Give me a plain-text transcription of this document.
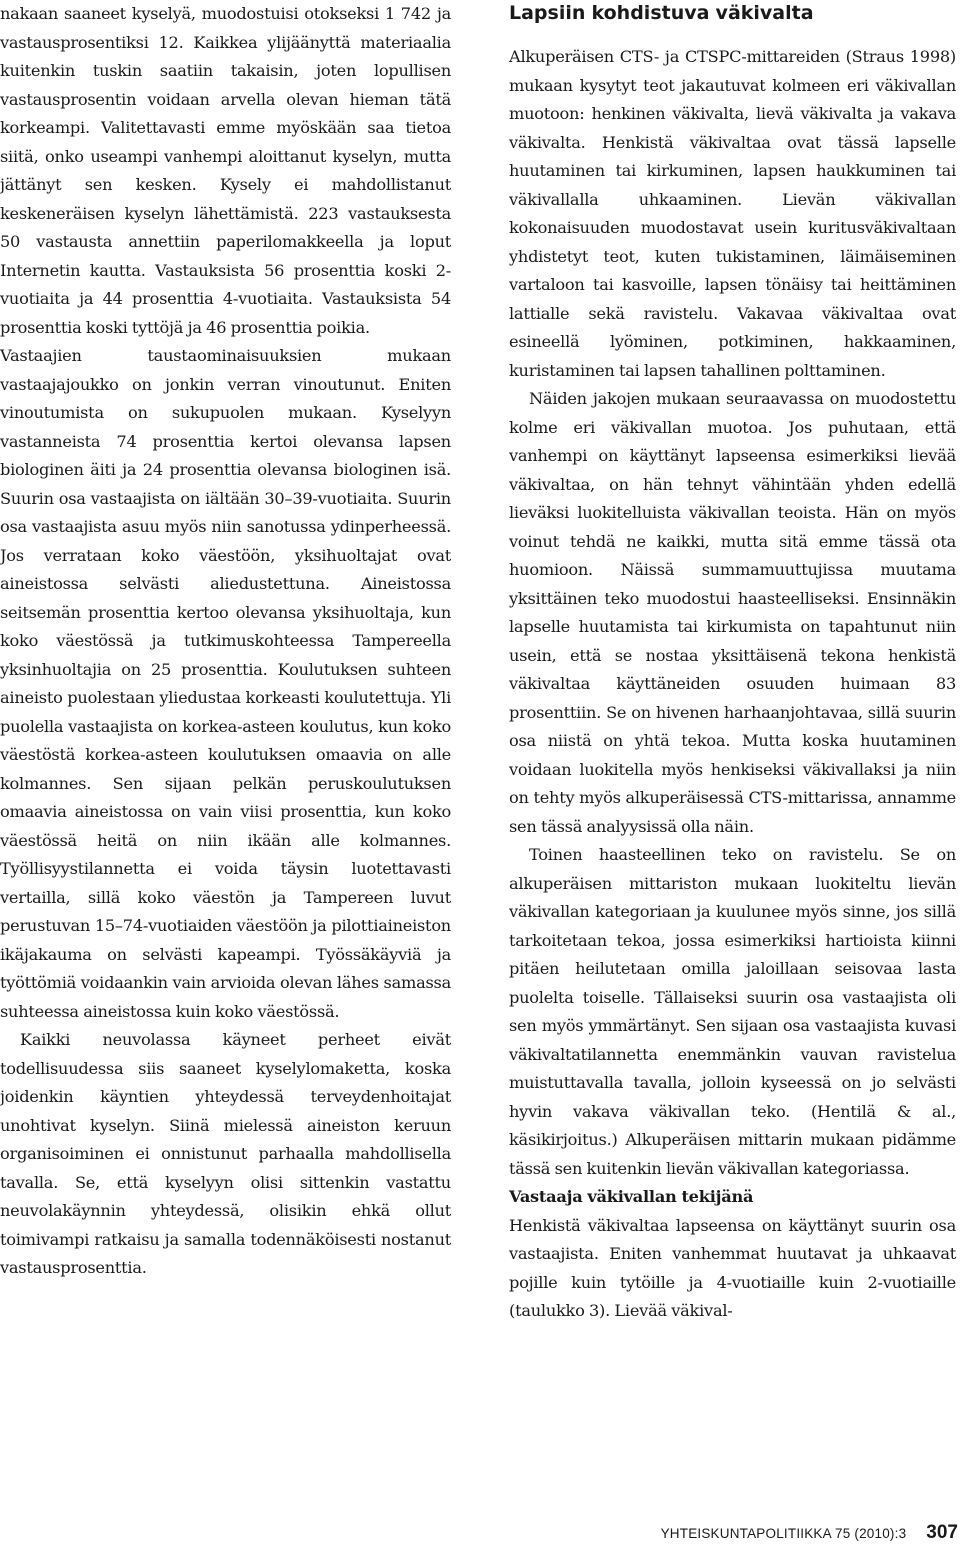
nakaan saaneet kyselyä, muodostuisi otokseksi 1 742 ja vastausprosentiksi 12. Kaikkea ylijäänyttä materiaalia kuitenkin tuskin saatiin takaisin, joten lopullisen vastausprosentin voidaan arvella olevan hieman tätä korkeampi. Valitettavasti emme myöskään saa tietoa siitä, onko useampi vanhempi aloittanut kyselyn, mutta jättänyt sen kesken. Kysely ei mahdollistanut keskeneräisen kyselyn lähettämistä. 223 vastauksesta 50 vastausta annettiin paperilomakkeella ja loput Internetin kautta. Vastauksista 56 prosenttia koski 2-vuotiaita ja 44 prosenttia 4-vuotiaita. Vastauksista 54 prosenttia koski tyttöjä ja 46 prosenttia poikia.

Vastaajien taustaominaisuuksien mukaan vastaajajoukko on jonkin verran vinoutunut. Eniten vinoutumista on sukupuolen mukaan. Kyselyyn vastanneista 74 prosenttia kertoi olevansa lapsen biologinen äiti ja 24 prosenttia olevansa biologinen isä. Suurin osa vastaajista on iältään 30–39-vuotiaita. Suurin osa vastaajista asuu myös niin sanotussa ydinperheessä. Jos verrataan koko väestöön, yksihuoltajat ovat aineistossa selvästi aliedustettuna. Aineistossa seitsemän prosenttia kertoo olevansa yksihuoltaja, kun koko väestössä ja tutkimuskohteessa Tampereella yksinhuoltajia on 25 prosenttia. Koulutuksen suhteen aineisto puolestaan yliedustaa korkeasti koulutettuja. Yli puolella vastaajista on korkea-asteen koulutus, kun koko väestöstä korkea-asteen koulutuksen omaavia on alle kolmannes. Sen sijaan pelkän peruskoulutuksen omaavia aineistossa on vain viisi prosenttia, kun koko väestössä heitä on niin ikään alle kolmannes. Työllisyystilannetta ei voida täysin luotettavasti vertailla, sillä koko väestön ja Tampereen luvut perustuvan 15–74-vuotiaiden väestöön ja pilottiaineiston ikäjakauma on selvästi kapeampi. Työssäkäyviä ja työttömiä voidaankin vain arvioida olevan lähes samassa suhteessa aineistossa kuin koko väestössä.

Kaikki neuvolassa käyneet perheet eivät todellisuudessa siis saaneet kyselylomaketta, koska joidenkin käyntien yhteydessä terveydenhoitajat unohtivat kyselyn. Siinä mielessä aineiston keruun organisoiminen ei onnistunut parhaalla mahdollisella tavalla. Se, että kyselyyn olisi sittenkin vastattu neuvolakäynnin yhteydessä, olisikin ehkä ollut toimivampi ratkaisu ja samalla todennäköisesti nostanut vastausprosenttia.

Lapsiin kohdistuva väkivalta

Alkuperäisen CTS- ja CTSPC-mittareiden (Straus 1998) mukaan kysytyt teot jakautuvat kolmeen eri väkivallan muotoon: henkinen väkivalta, lievä väkivalta ja vakava väkivalta. Henkistä väkivaltaa ovat tässä lapselle huutaminen tai kirkuminen, lapsen haukkuminen tai väkivallalla uhkaaminen. Lievän väkivallan kokonaisuuden muodostavat usein kuritusväkivaltaan yhdistetyt teot, kuten tukistaminen, läimäiseminen vartaloon tai kasvoille, lapsen tönäisy tai heittäminen lattialle sekä ravistelu. Vakavaa väkivaltaa ovat esineellä lyöminen, potkiminen, hakkaaminen, kuristaminen tai lapsen tahallinen polttaminen.

Näiden jakojen mukaan seuraavassa on muodostettu kolme eri väkivallan muotoa. Jos puhutaan, että vanhempi on käyttänyt lapseensa esimerkiksi lievää väkivaltaa, on hän tehnyt vähintään yhden edellä lieväksi luokitelluista väkivallan teoista. Hän on myös voinut tehdä ne kaikki, mutta sitä emme tässä ota huomioon. Näissä summamuuttujissa muutama yksittäinen teko muodostui haasteelliseksi. Ensinnäkin lapselle huutamista tai kirkumista on tapahtunut niin usein, että se nostaa yksittäisenä tekona henkistä väkivaltaa käyttäneiden osuuden huimaan 83 prosenttiin. Se on hivenen harhaanjohtavaa, sillä suurin osa niistä on yhtä tekoa. Mutta koska huutaminen voidaan luokitella myös henkiseksi väkivallaksi ja niin on tehty myös alkuperäisessä CTS-mittarissa, annamme sen tässä analyysissä olla näin.

Toinen haasteellinen teko on ravistelu. Se on alkuperäisen mittariston mukaan luokiteltu lievän väkivallan kategoriaan ja kuulunee myös sinne, jos sillä tarkoitetaan tekoa, jossa esimerkiksi hartioista kiinni pitäen heilutetaan omilla jaloillaan seisovaa lasta puolelta toiselle. Tällaiseksi suurin osa vastaajista oli sen myös ymmärtänyt. Sen sijaan osa vastaajista kuvasi väkivaltatilannetta enemmänkin vauvan ravistelua muistuttavalla tavalla, jolloin kyseessä on jo selvästi hyvin vakava väkivallan teko. (Hentilä & al., käsikirjoitus.) Alkuperäisen mittarin mukaan pidämme tässä sen kuitenkin lievän väkivallan kategoriassa.

Vastaaja väkivallan tekijänä

Henkistä väkivaltaa lapseensa on käyttänyt suurin osa vastaajista. Eniten vanhemmat huutavat ja uhkaavat pojille kuin tytöille ja 4-vuotiaille kuin 2-vuotiaille (taulukko 3). Lievää väkival-

YHTEISKUNTAPOLITIIKKA 75 (2010):3 307
